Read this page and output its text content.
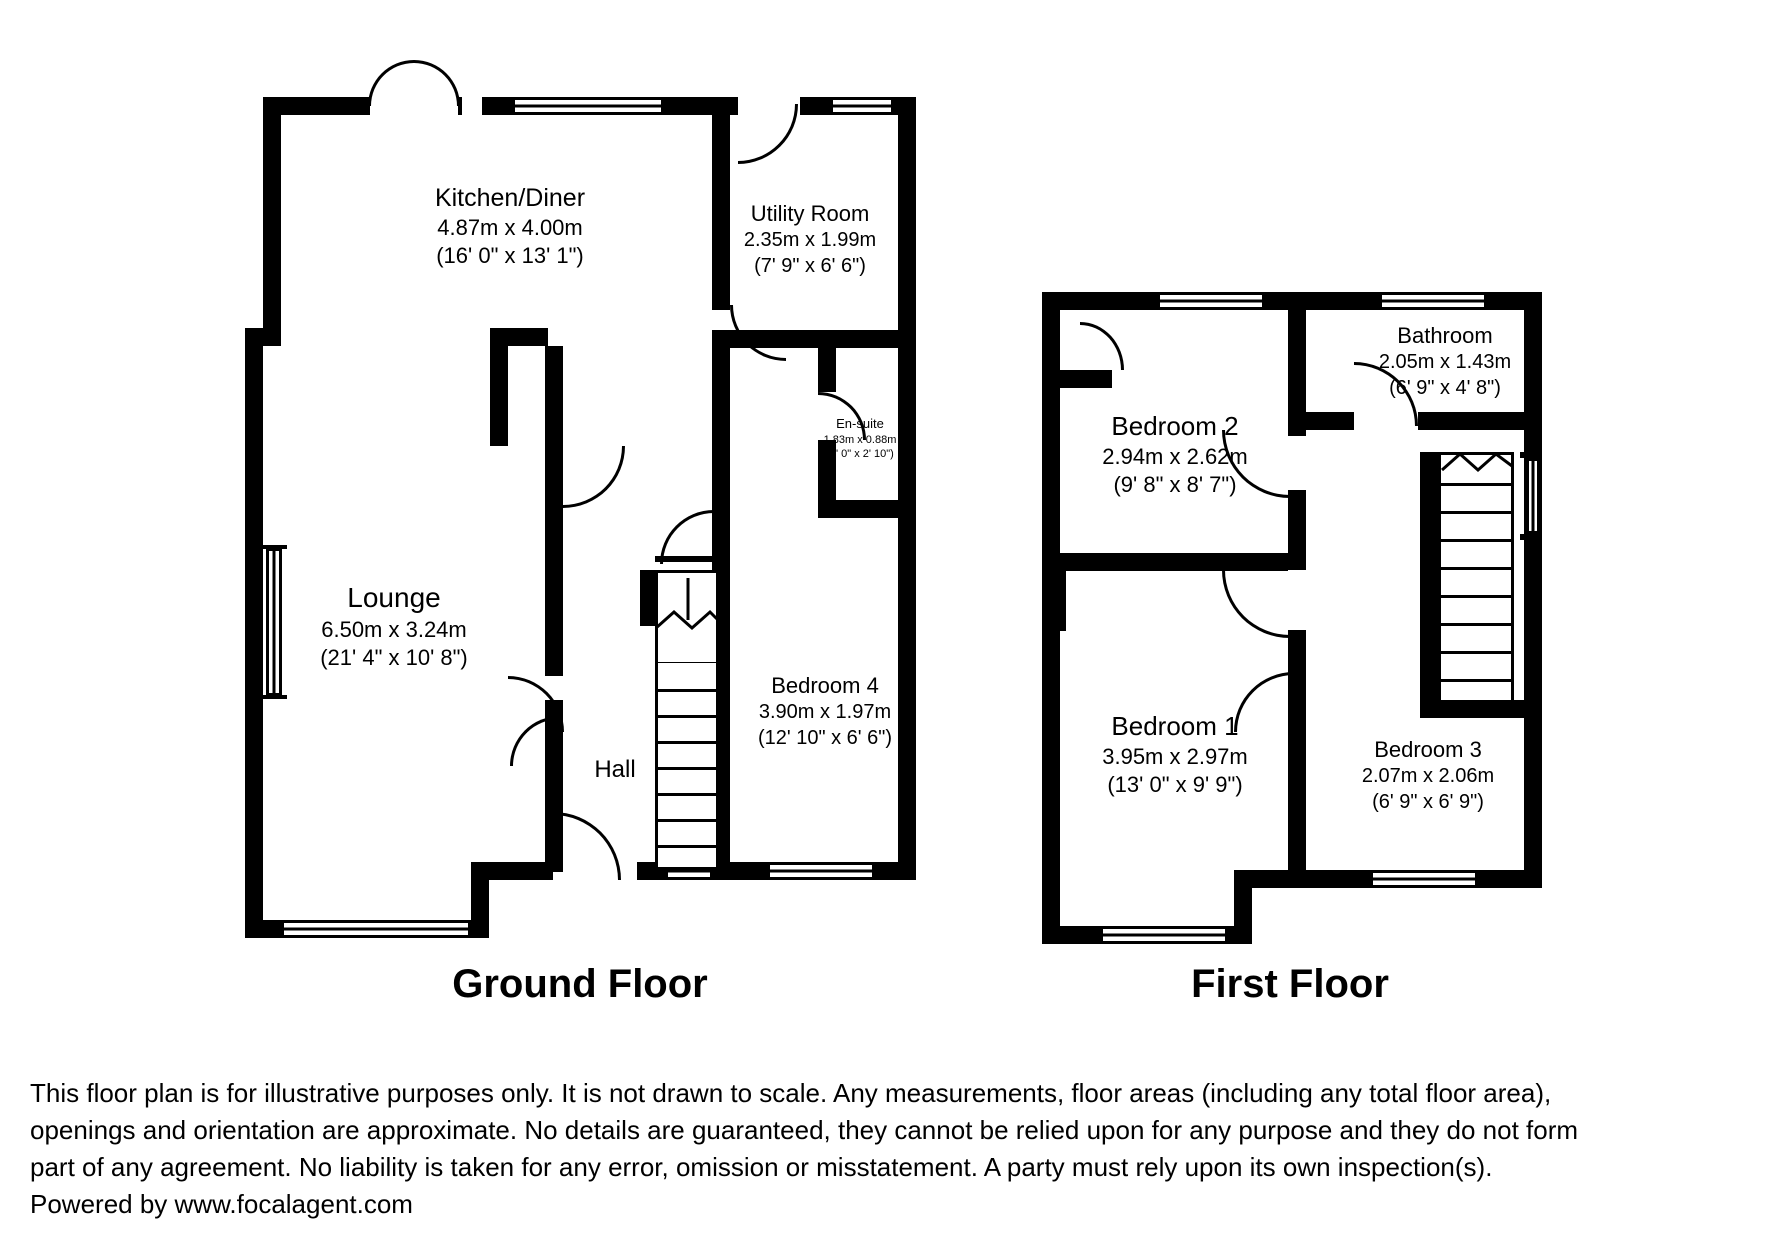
Kitchen/Diner
4.87m x 4.00m
(16' 0" x 13' 1")
Utility Room
2.35m x 1.99m
(7' 9" x 6' 6")
En-suite
1.83m x 0.88m
(6' 0" x 2' 10")
Lounge
6.50m x 3.24m
(21' 4" x 10' 8")
Bedroom 4
3.90m x 1.97m
(12' 10" x 6' 6")
Hall
Ground Floor
Bathroom
2.05m x 1.43m
(6' 9" x 4' 8")
Bedroom 2
2.94m x 2.62m
(9' 8" x 8' 7")
Bedroom 1
3.95m x 2.97m
(13' 0" x 9' 9")
Bedroom 3
2.07m x 2.06m
(6' 9" x 6' 9")
First Floor

This floor plan is for illustrative purposes only. It is not drawn to scale. Any measurements, floor areas (including any total floor area),

openings and orientation are approximate. No details are guaranteed, they cannot be relied upon for any purpose and they do not form

part of any agreement. No liability is taken for any error, omission or misstatement. A party must rely upon its own inspection(s).

Powered by www.focalagent.com
